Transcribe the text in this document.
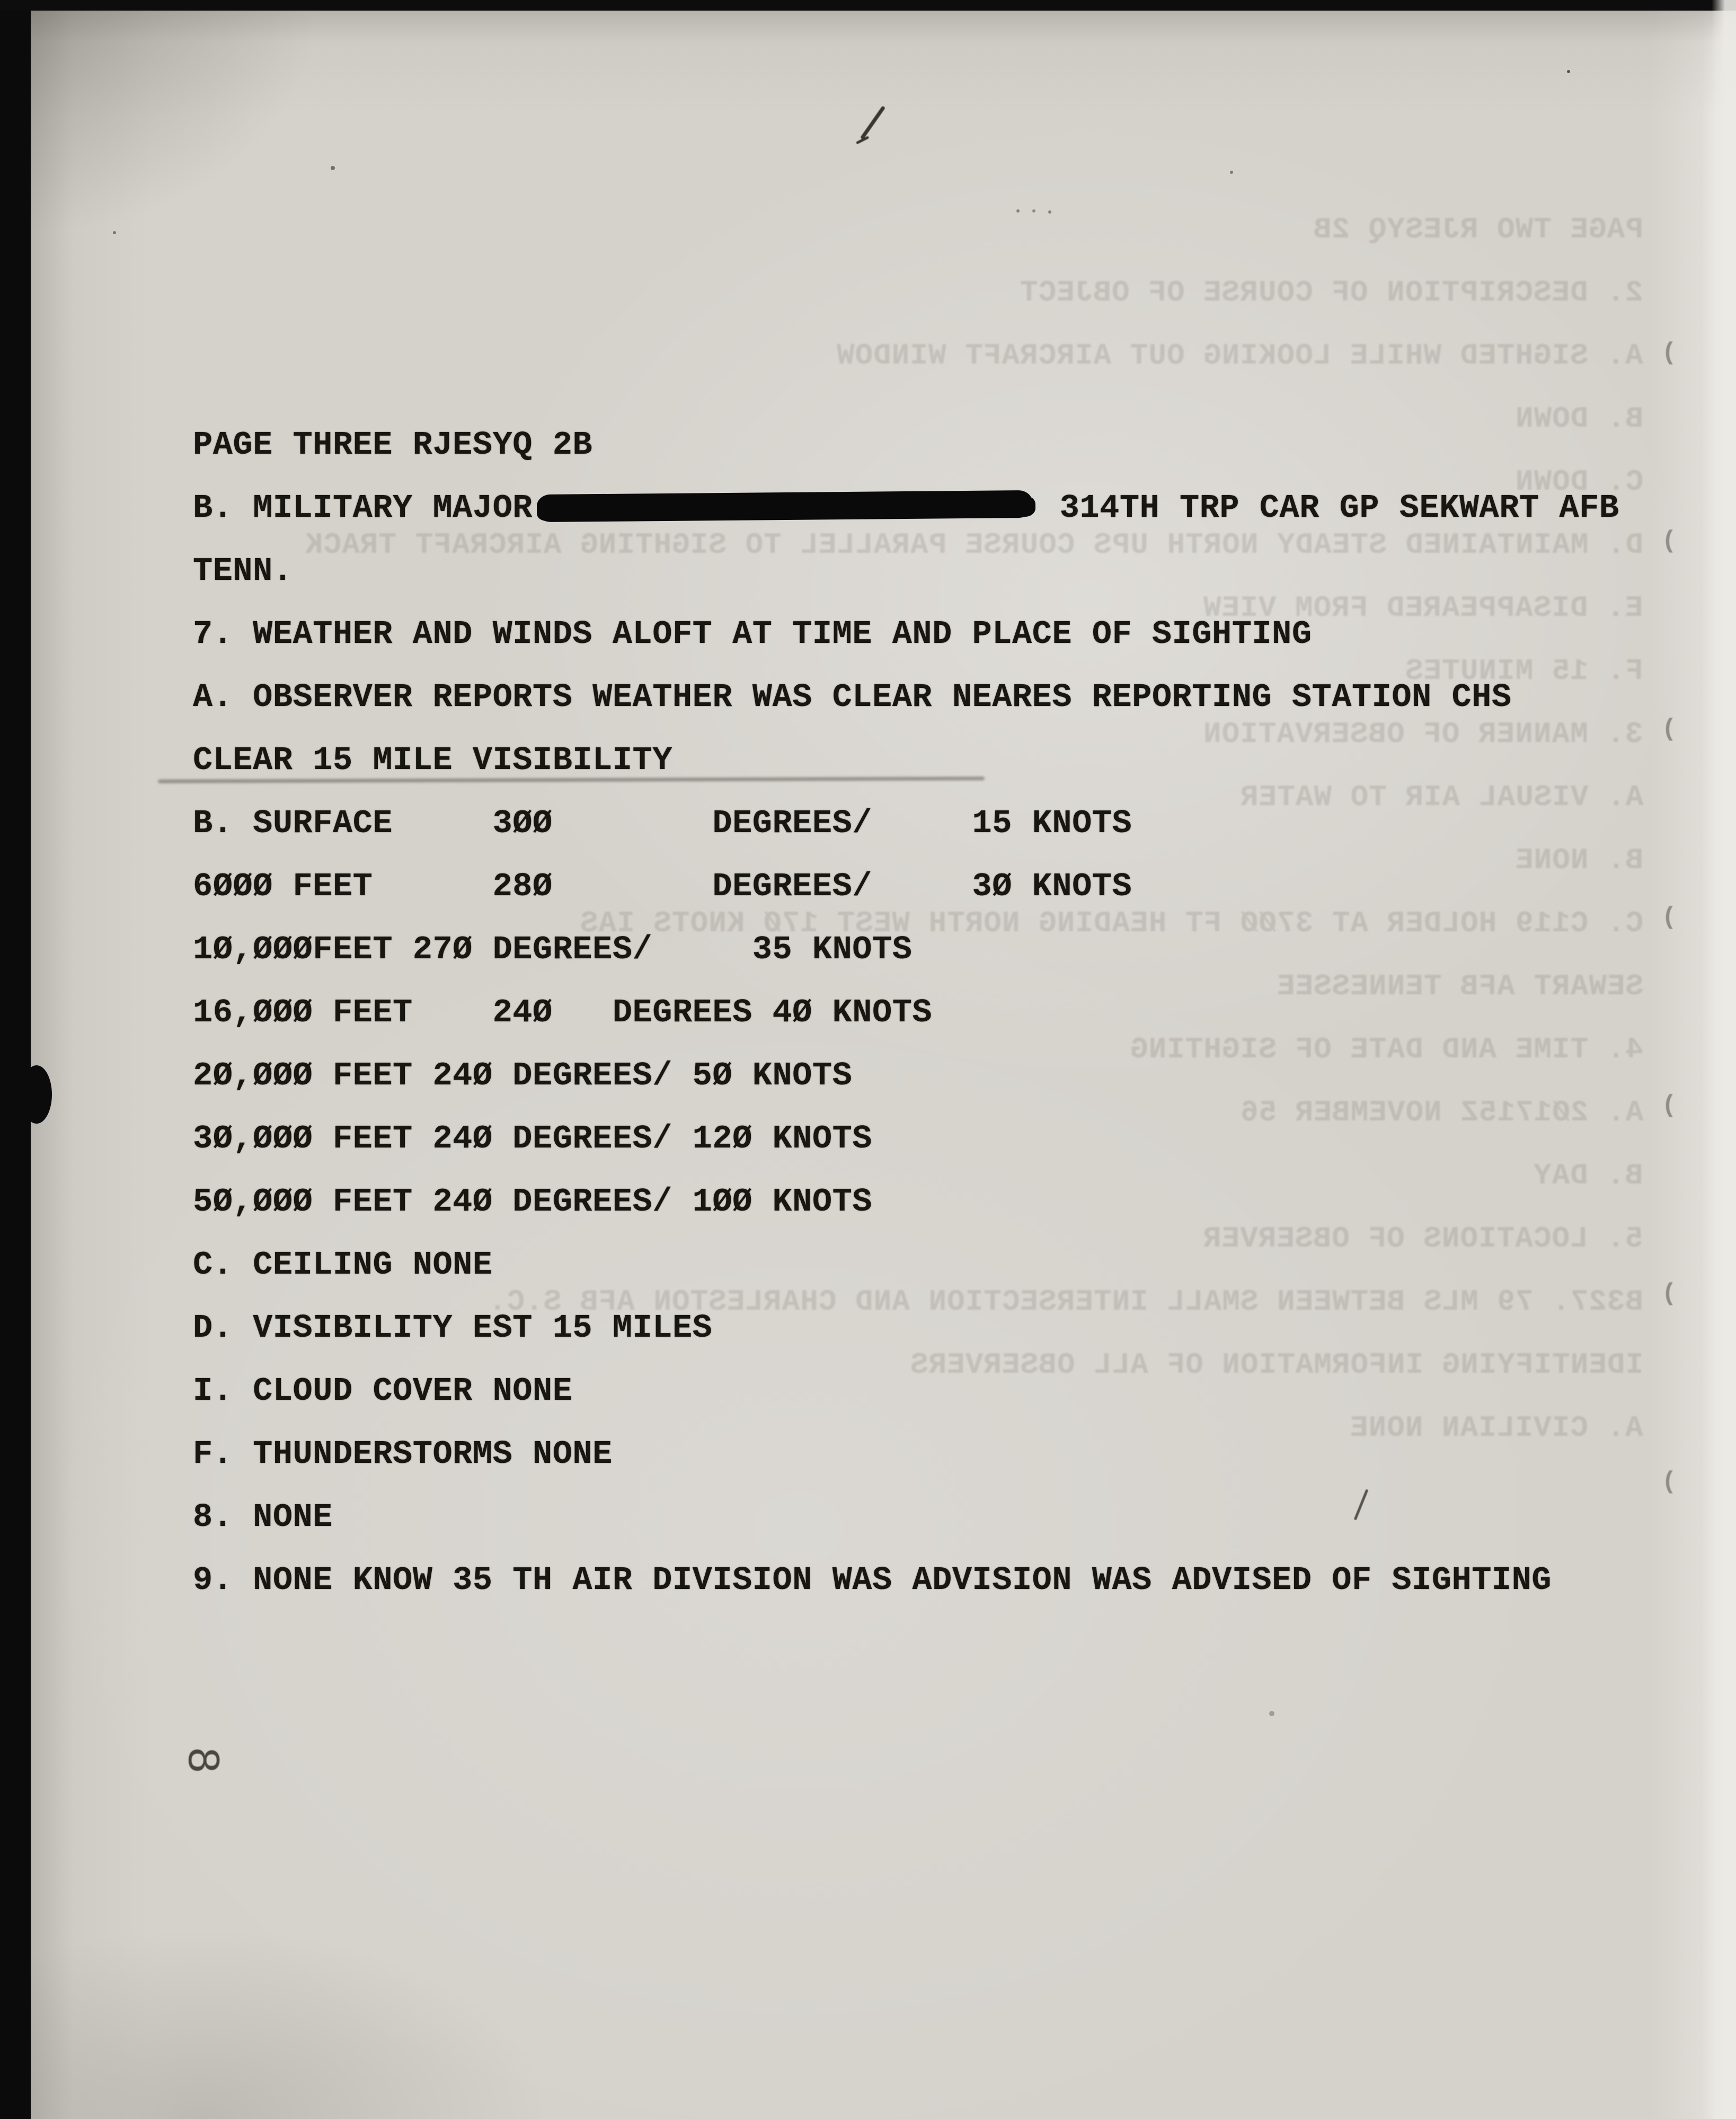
PAGE TWO RJESYQ 2B
2. DESCRIPTION OF COURSE OF OBJECT
A. SIGHTED WHILE LOOKING OUT AIRCRAFT WINDOW
B. DOWN
C. DOWN
D. MAINTAINED STEADY NORTH UPS COURSE PARALLEL TO SIGHTING AIRCRAFT TRACK
E. DISAPPEARED FROM VIEW
F. 15 MINUTES
3. MANNER OF OBSERVATION
A. VISUAL AIR TO WATER
B. NONE
C. C119 HOLDER AT 37ØØ FT HEADING NORTH WEST 17Ø KNOTS IAS
SEWART AFB TENNESSEE
4. TIME AND DATE OF SIGHTING
A. 2Ø1715Z NOVEMBER 56
B. DAY
5. LOCATIONS OF OBSERVER
B327. 79 MLS BETWEEN SMALL INTERSECTION AND CHARLESTON AFB S.C.
IDENTIFYING INFORMATION OF ALL OBSERVERS
A. CIVILIAN NONE
PAGE THREE RJESYQ 2B
B. MILITARY MAJOR	314TH TRP CAR GP SEKWART AFB
TENN.
7. WEATHER AND WINDS ALOFT AT TIME AND PLACE OF SIGHTING
A. OBSERVER REPORTS WEATHER WAS CLEAR NEARES REPORTING STATION CHS
CLEAR 15 MILE VISIBILITY
B. SURFACE     3ØØ        DEGREES/     15 KNOTS
6ØØØ FEET      28Ø        DEGREES/     3Ø KNOTS
1Ø,ØØØFEET 27Ø DEGREES/     35 KNOTS
16,ØØØ FEET    24Ø   DEGREES 4Ø KNOTS
2Ø,ØØØ FEET 24Ø DEGREES/ 5Ø KNOTS
3Ø,ØØØ FEET 24Ø DEGREES/ 12Ø KNOTS
5Ø,ØØØ FEET 24Ø DEGREES/ 1ØØ KNOTS
C. CEILING NONE
D. VISIBILITY EST 15 MILES
I. CLOUD COVER NONE
F. THUNDERSTORMS NONE
8. NONE
9. NONE KNOW 35 TH AIR DIVISION WAS ADVISION WAS ADVISED OF SIGHTING
8
(
(
(
(
(
(
(
